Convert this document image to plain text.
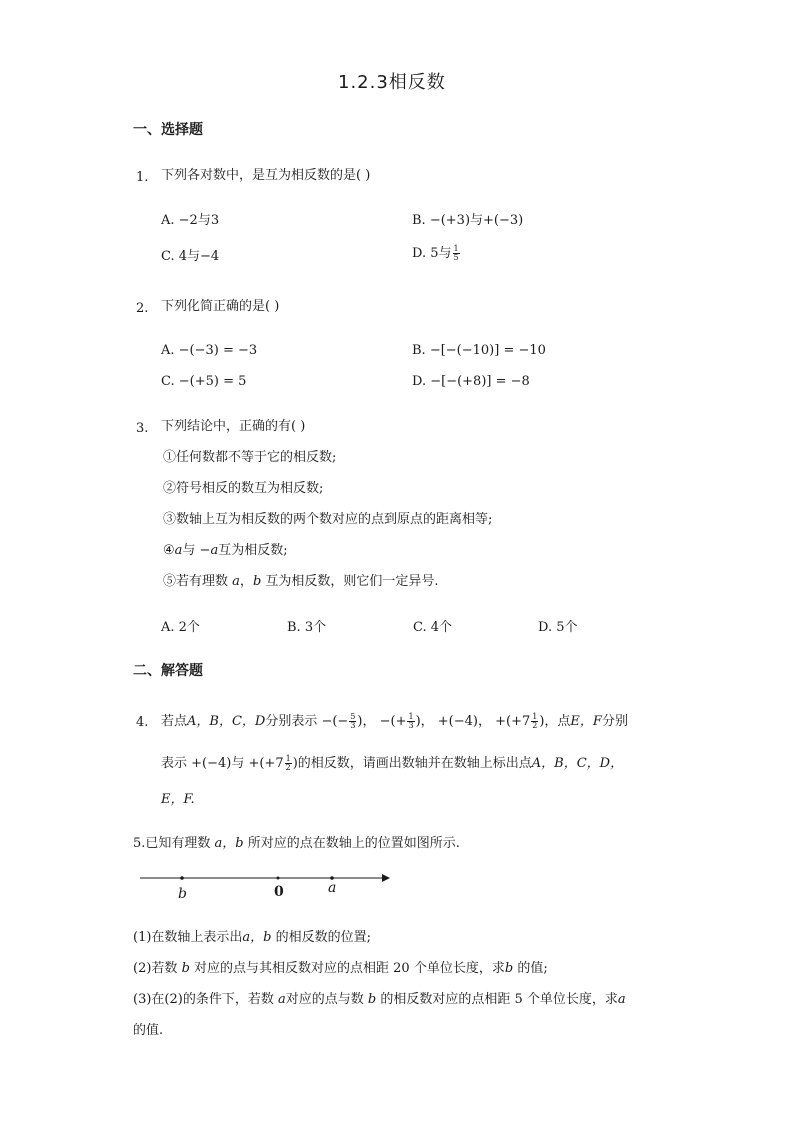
1.2.3相反数
一、选择题
1. 下列各对数中，是互为相反数的是( )
A. −2与3	B. −(+3)与+(−3)
C. 4与−4	D. 5与 $\frac{1}{5}$
2. 下列化简正确的是( )
A. −(−3) = −3	B. −[−(−10)] = −10
C. −(+5) = 5	D. −[−(+8)] = −8
3. 下列结论中，正确的有( )
①任何数都不等于它的相反数;
②符号相反的数互为相反数;
③数轴上互为相反数的两个数对应的点到原点的距离相等;
④a与 −a互为相反数;
⑤若有理数 a，b 互为相反数，则它们一定异号.
A. 2个	B. 3个	C. 4个	D. 5个
二、解答题
4. 若点A，B，C，D分别表示 −(− $\frac{5}{3}$ )， −(+ $\frac{1}{3}$ )， +(−4)， $+(+7 \frac{1}{2}$ )，点E，F分别
表示 +(−4)与 $+(+7 \frac{1}{2}$ )的相反数，请画出数轴并在数轴上标出点A，B，C，D，
E，F.
5.已知有理数 a，b 所对应的点在数轴上的位置如图所示.
b	0	a
(1)在数轴上表示出a，b 的相反数的位置;
(2)若数 b 对应的点与其相反数对应的点相距 20 个单位长度，求b 的值;
(3)在(2)的条件下，若数 a对应的点与数 b 的相反数对应的点相距 5 个单位长度，求a
的值.
